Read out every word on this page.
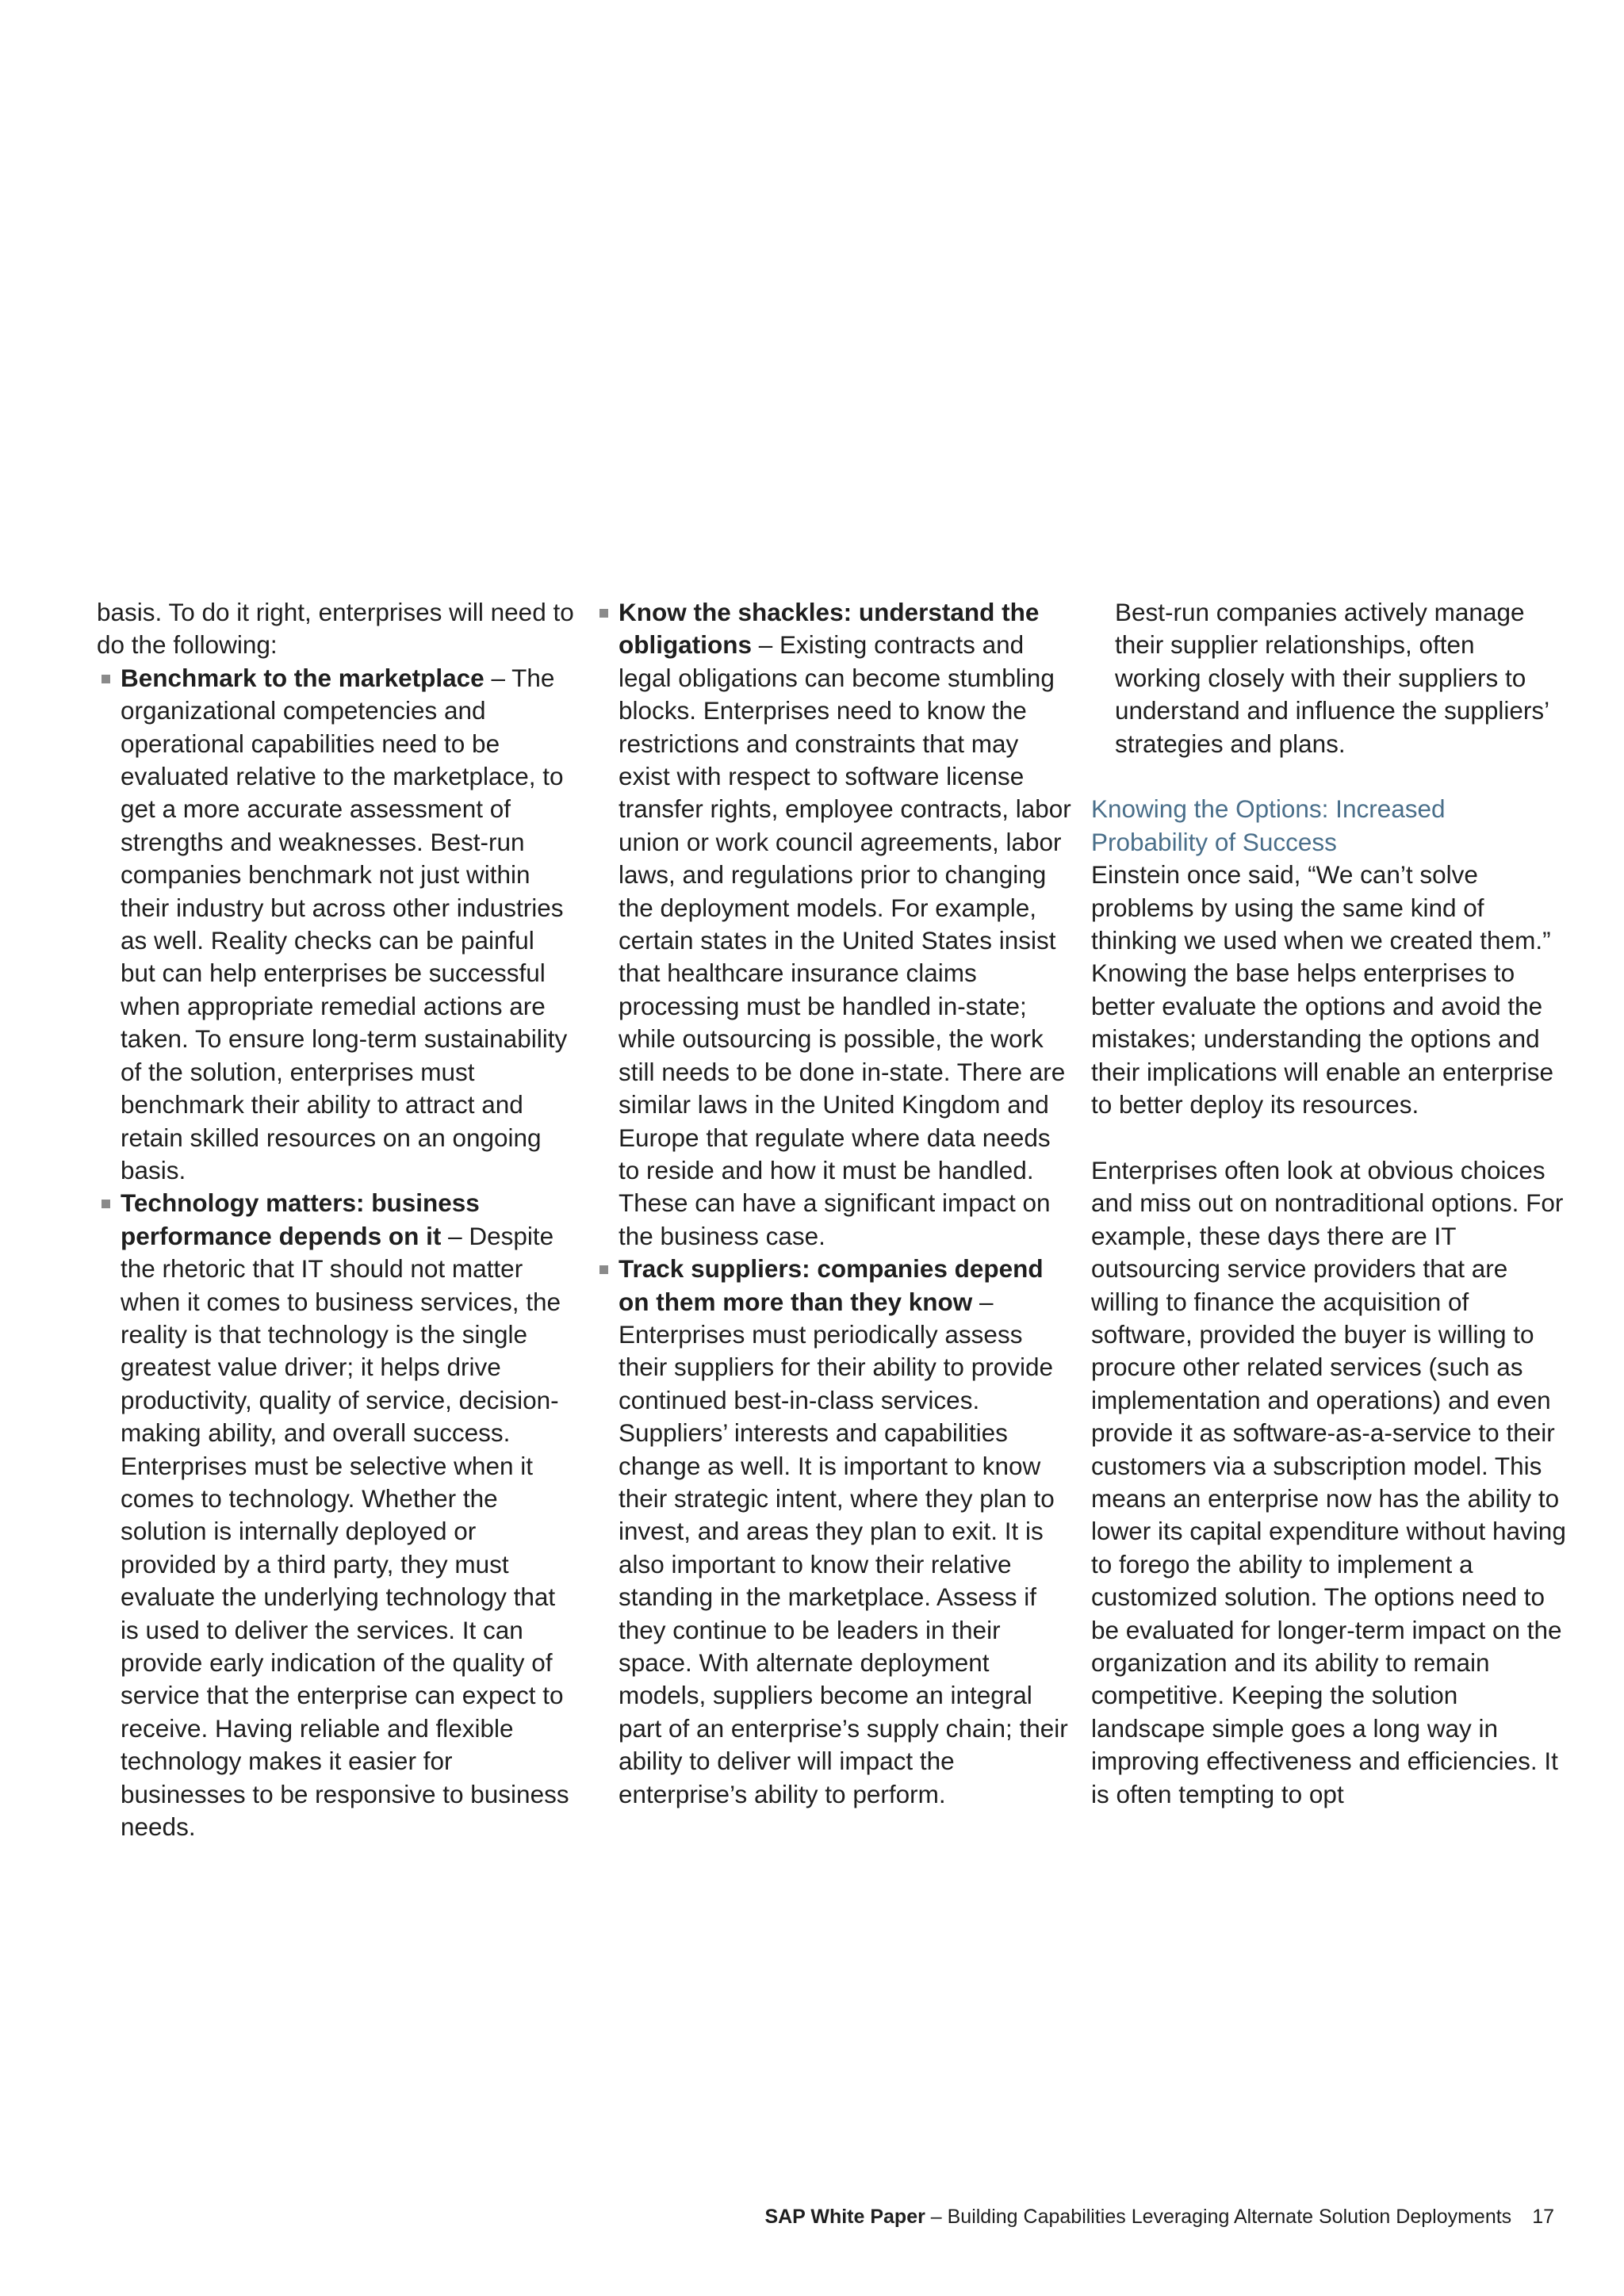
basis. To do it right, enterprises will need to do the following:

Benchmark to the marketplace – The organizational competencies and operational capabilities need to be evaluated relative to the marketplace, to get a more accurate assessment of strengths and weaknesses. Best-run companies benchmark not just within their industry but across other industries as well. Reality checks can be painful but can help enterprises be successful when appropriate remedial actions are taken. To ensure long-term sustainability of the solution, enterprises must benchmark their ability to attract and retain skilled resources on an ongoing basis.
Technology matters: business performance depends on it – Despite the rhetoric that IT should not matter when it comes to business services, the reality is that technology is the single greatest value driver; it helps drive productivity, quality of service, decision-making ability, and overall success. Enterprises must be selective when it comes to technology. Whether the solution is internally deployed or provided by a third party, they must evaluate the underlying technology that is used to deliver the services. It can provide early indication of the quality of service that the enterprise can expect to receive. Having reliable and flexible technology makes it easier for businesses to be responsive to business needs.
Know the shackles: understand the obligations – Existing contracts and legal obligations can become stumbling blocks. Enterprises need to know the restrictions and constraints that may exist with respect to software license transfer rights, employee contracts, labor union or work council agreements, labor laws, and regulations prior to changing the deployment models. For example, certain states in the United States insist that healthcare insurance claims processing must be handled in-state; while outsourcing is possible, the work still needs to be done in-state. There are similar laws in the United Kingdom and Europe that regulate where data needs to reside and how it must be handled. These can have a significant impact on the business case.
Track suppliers: companies depend on them more than they know – Enterprises must periodically assess their suppliers for their ability to provide continued best-in-class services. Suppliers’ interests and capabilities change as well. It is important to know their strategic intent, where they plan to invest, and areas they plan to exit. It is also important to know their relative standing in the marketplace. Assess if they continue to be leaders in their space. With alternate deployment models, suppliers become an integral part of an enterprise’s supply chain; their ability to deliver will impact the enterprise’s ability to perform.

Best-run companies actively manage their supplier relationships, often working closely with their suppliers to understand and influence the suppliers’ strategies and plans.

Knowing the Options: Increased Probability of Success

Einstein once said, “We can’t solve problems by using the same kind of thinking we used when we created them.” Knowing the base helps enterprises to better evaluate the options and avoid the mistakes; understanding the options and their implications will enable an enterprise to better deploy its resources.

Enterprises often look at obvious choices and miss out on nontraditional options. For example, these days there are IT outsourcing service providers that are willing to finance the acquisition of software, provided the buyer is willing to procure other related services (such as implementation and operations) and even provide it as software-as-a-service to their customers via a subscription model. This means an enterprise now has the ability to lower its capital expenditure without having to forego the ability to implement a customized solution. The options need to be evaluated for longer-term impact on the organization and its ability to remain competitive. Keeping the solution landscape simple goes a long way in improving effectiveness and efficiencies. It is often tempting to opt

SAP White Paper – Building Capabilities Leveraging Alternate Solution Deployments 17
